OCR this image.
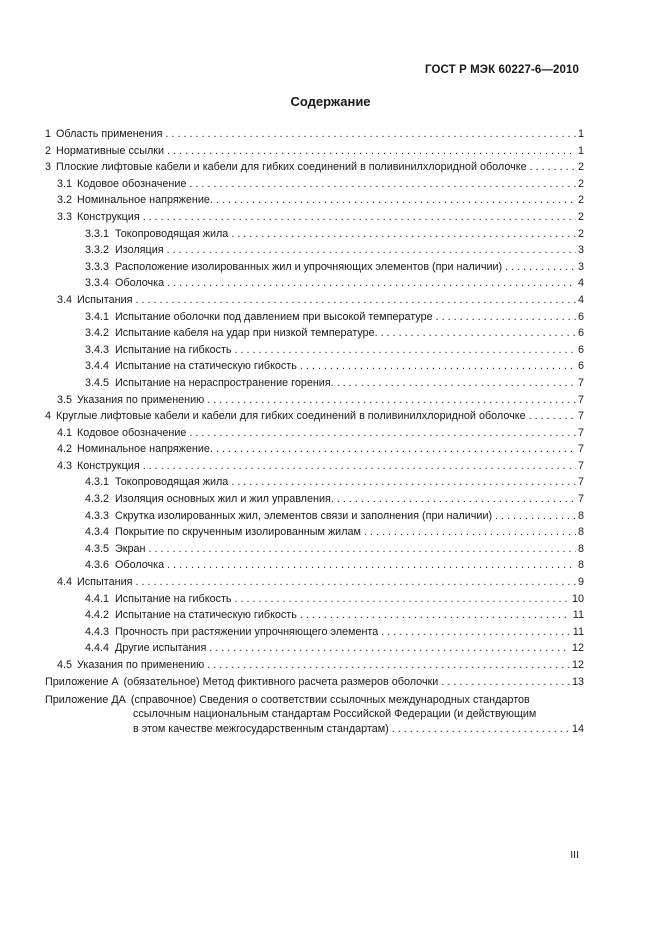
ГОСТ Р МЭК 60227-6—2010
Содержание
1 Область применения . . .	1
2 Нормативные ссылки . . .	1
3 Плоские лифтовые кабели и кабели для гибких соединений в поливинилхлоридной оболочке . . .	2
3.1 Кодовое обозначение . . .	2
3.2 Номинальное напряжение. . . .	2
3.3 Конструкция . . .	2
3.3.1 Токопроводящая жила . . .	2
3.3.2 Изоляция . . .	3
3.3.3 Расположение изолированных жил и упрочняющих элементов (при наличии) . . .	3
3.3.4 Оболочка . . .	4
3.4 Испытания . . .	4
3.4.1 Испытание оболочки под давлением при высокой температуре . . .	6
3.4.2 Испытание кабеля на удар при низкой температуре. . . .	6
3.4.3 Испытание на гибкость . . .	6
3.4.4 Испытание на статическую гибкость . . .	6
3.4.5 Испытание на нераспространение горения. . . .	7
3.5 Указания по применению . . .	7
4 Круглые лифтовые кабели и кабели для гибких соединений в поливинилхлоридной оболочке . . .	7
4.1 Кодовое обозначение . . .	7
4.2 Номинальное напряжение. . . .	7
4.3 Конструкция . . .	7
4.3.1 Токопроводящая жила . . .	7
4.3.2 Изоляция основных жил и жил управления. . . .	7
4.3.3 Скрутка изолированных жил, элементов связи и заполнения (при наличии) . . .	8
4.3.4 Покрытие по скрученным изолированным жилам . . .	8
4.3.5 Экран . . .	8
4.3.6 Оболочка . . .	8
4.4 Испытания . . .	9
4.4.1 Испытание на гибкость . . .	10
4.4.2 Испытание на статическую гибкость . . .	11
4.4.3 Прочность при растяжении упрочняющего элемента . . .	11
4.4.4 Другие испытания . . .	12
4.5 Указания по применению . . .	12
Приложение А (обязательное) Метод фиктивного расчета размеров оболочки . . .	13
Приложение ДА (справочное) Сведения о соответствии ссылочных международных стандартов
ссылочным национальным стандартам Российской Федерации (и действующим
в этом качестве межгосударственным стандартам) . . .	14
III
